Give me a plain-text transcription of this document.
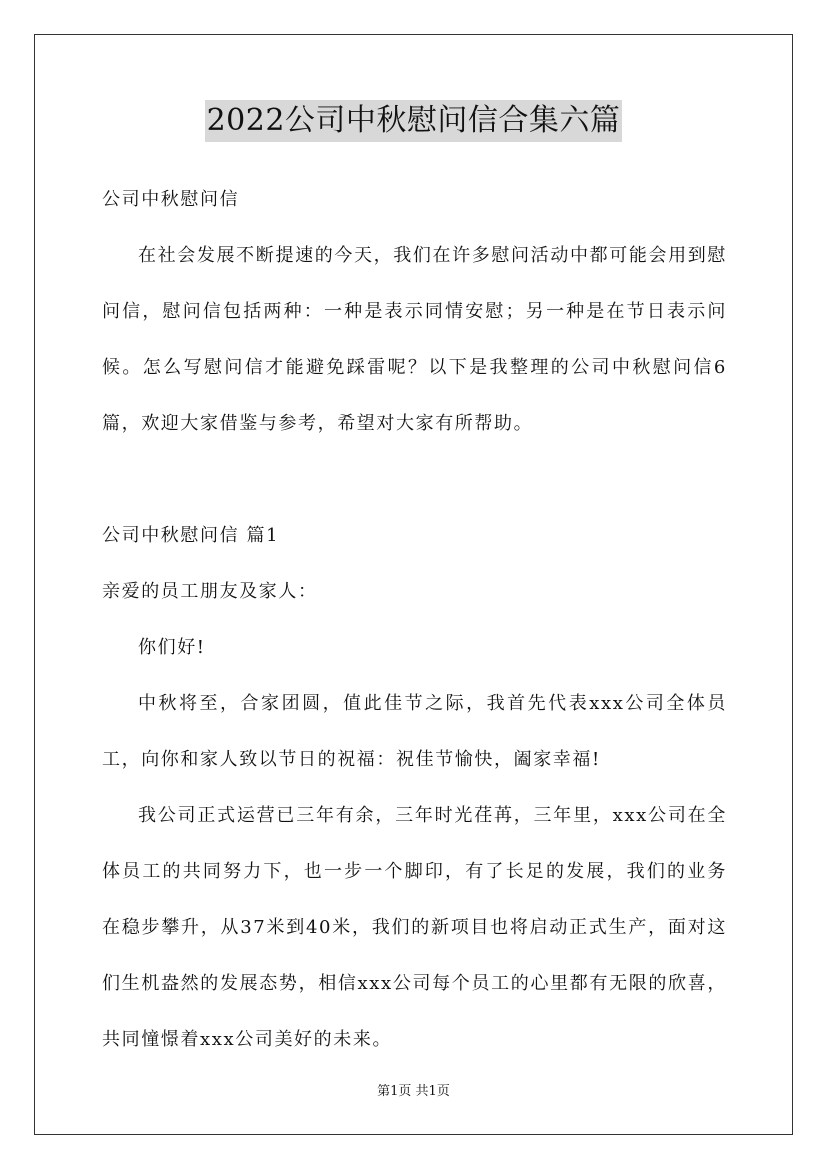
2022公司中秋慰问信合集六篇

公司中秋慰问信

在社会发展不断提速的今天，我们在许多慰问活动中都可能会用到慰问信，慰问信包括两种：一种是表示同情安慰；另一种是在节日表示问候。怎么写慰问信才能避免踩雷呢？以下是我整理的公司中秋慰问信6篇，欢迎大家借鉴与参考，希望对大家有所帮助。

公司中秋慰问信 篇1

亲爱的员工朋友及家人：

你们好!

中秋将至，合家团圆，值此佳节之际，我首先代表xxx公司全体员工，向你和家人致以节日的祝福：祝佳节愉快，阖家幸福!

我公司正式运营已三年有余，三年时光荏苒，三年里，xxx公司在全体员工的共同努力下，也一步一个脚印，有了长足的发展，我们的业务在稳步攀升，从37米到40米，我们的新项目也将启动正式生产，面对这们生机盎然的发展态势，相信xxx公司每个员工的心里都有无限的欣喜，共同憧憬着xxx公司美好的未来。

第1页 共1页
